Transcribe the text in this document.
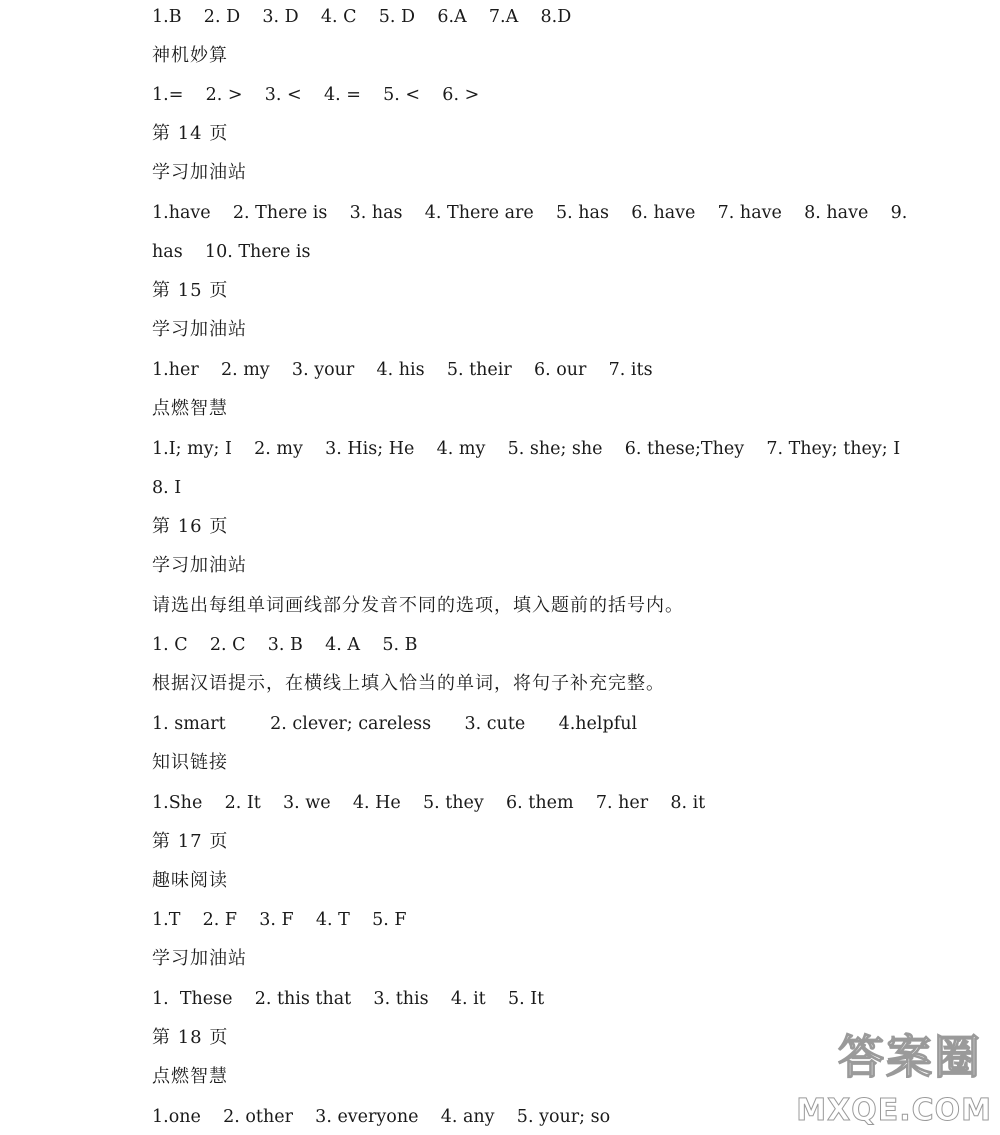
1.B    2. D    3. D    4. C    5. D    6.A    7.A    8.D
神机妙算
1.=    2. >    3. <    4. =    5. <    6. >
第 14 页
学习加油站
1.have    2. There is    3. has    4. There are    5. has    6. have    7. have    8. have    9.
has    10. There is
第 15 页
学习加油站
1.her    2. my    3. your    4. his    5. their    6. our    7. its
点燃智慧
1.I; my; I    2. my    3. His; He    4. my    5. she; she    6. these;They    7. They; they; I
8. I
第 16 页
学习加油站
请选出每组单词画线部分发音不同的选项，填入题前的括号内。
1. C    2. C    3. B    4. A    5. B
根据汉语提示，在横线上填入恰当的单词，将句子补充完整。
1. smart        2. clever; careless      3. cute      4.helpful
知识链接
1.She    2. It    3. we    4. He    5. they    6. them    7. her    8. it
第 17 页
趣味阅读
1.T    2. F    3. F    4. T    5. F
学习加油站
1.  These    2. this that    3. this    4. it    5. It
第 18 页
点燃智慧
1.one    2. other    3. everyone    4. any    5. your; so
答案圈
MXQE.COM
